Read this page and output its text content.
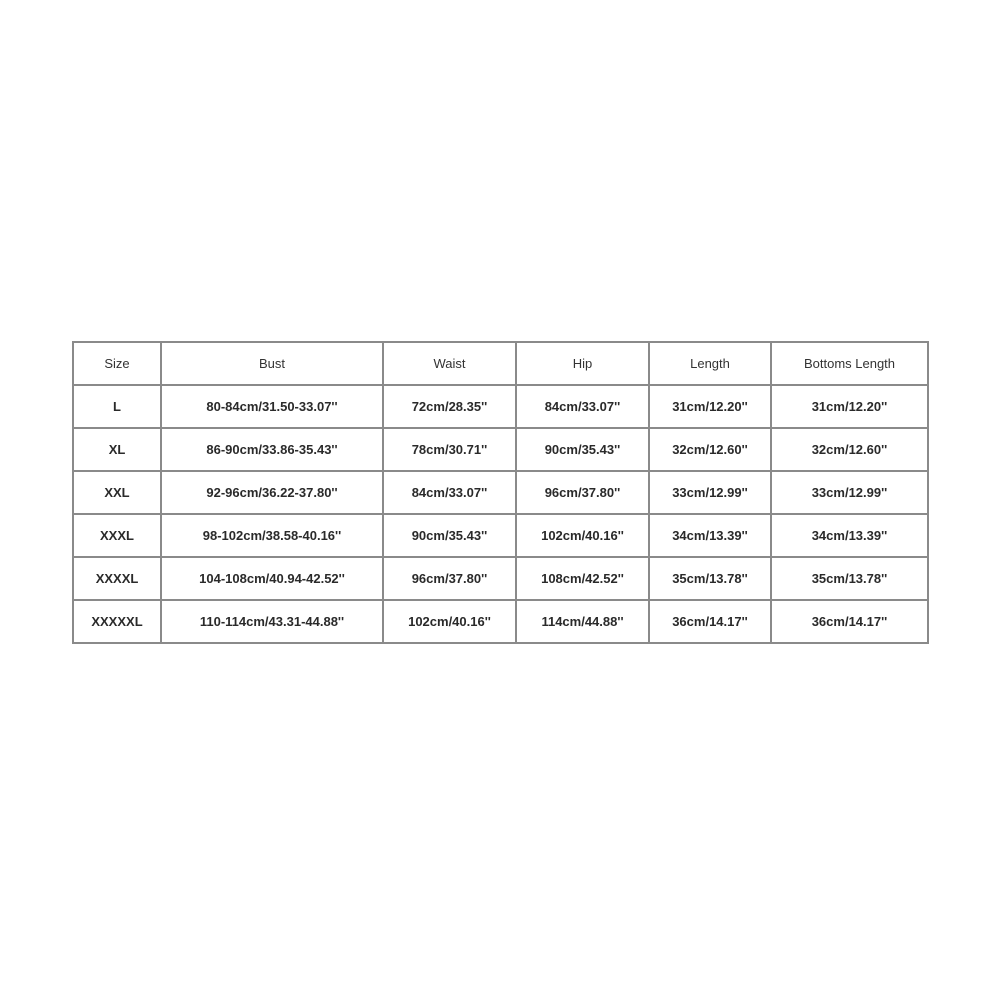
Size	Bust	Waist	Hip	Length	Bottoms Length
L	80-84cm/31.50-33.07''	72cm/28.35''	84cm/33.07''	31cm/12.20''	31cm/12.20''
XL	86-90cm/33.86-35.43''	78cm/30.71''	90cm/35.43''	32cm/12.60''	32cm/12.60''
XXL	92-96cm/36.22-37.80''	84cm/33.07''	96cm/37.80''	33cm/12.99''	33cm/12.99''
XXXL	98-102cm/38.58-40.16''	90cm/35.43''	102cm/40.16''	34cm/13.39''	34cm/13.39''
XXXXL	104-108cm/40.94-42.52''	96cm/37.80''	108cm/42.52''	35cm/13.78''	35cm/13.78''
XXXXXL	110-114cm/43.31-44.88''	102cm/40.16''	114cm/44.88''	36cm/14.17''	36cm/14.17''
